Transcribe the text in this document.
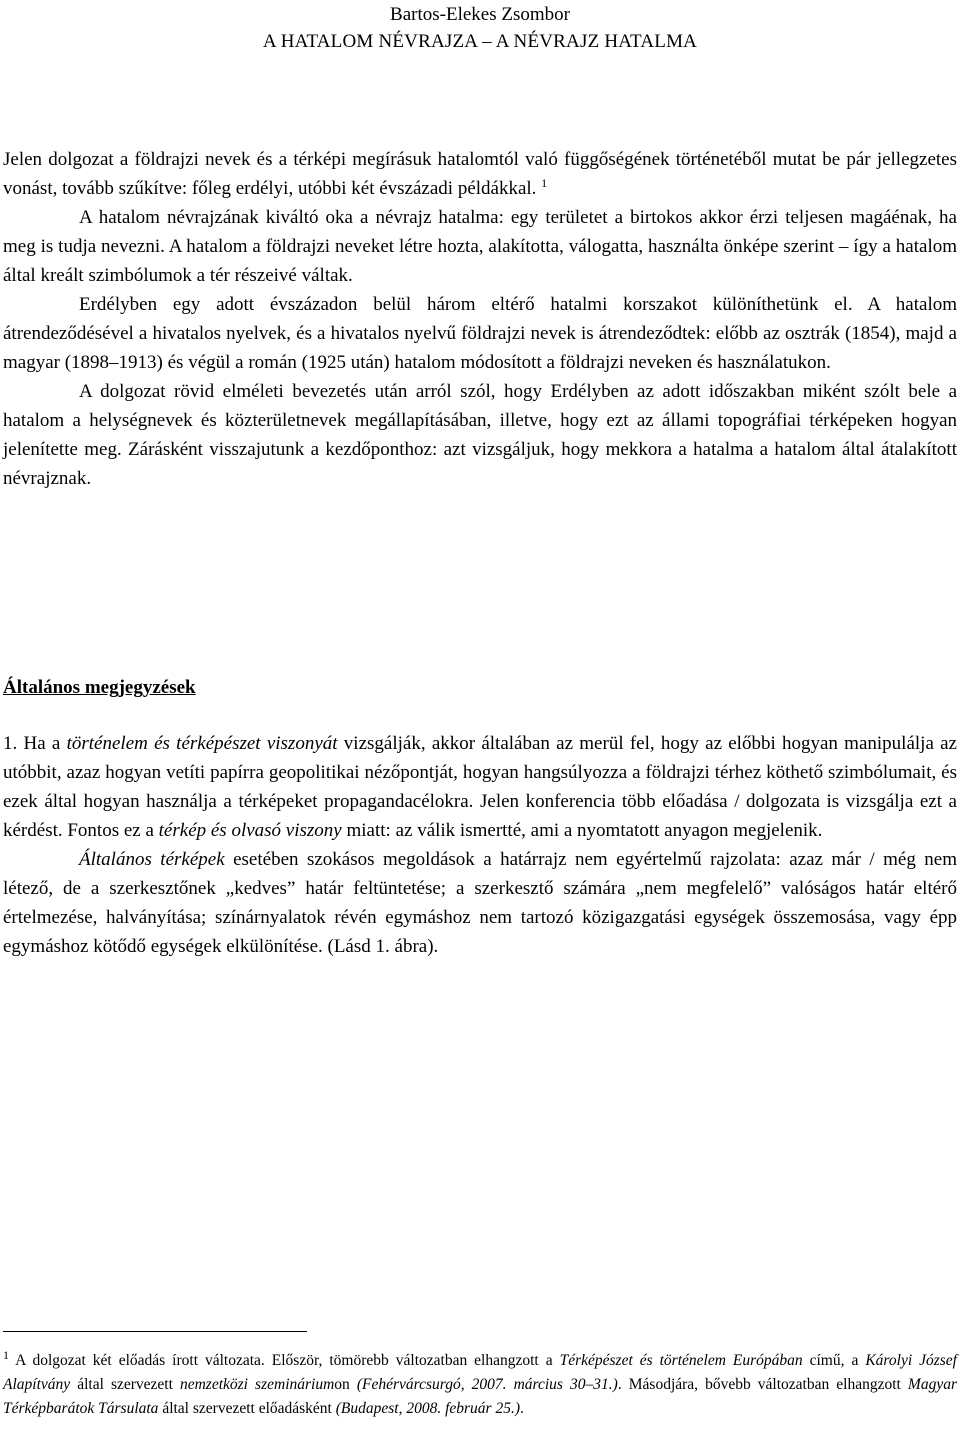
Bartos-Elekes Zsombor
A HATALOM NÉVRAJZA – A NÉVRAJZ HATALMA

Jelen dolgozat a földrajzi nevek és a térképi megírásuk hatalomtól való függőségének történetéből mutat be pár jellegzetes vonást, tovább szűkítve: főleg erdélyi, utóbbi két évszázadi példákkal. $^1$

A hatalom névrajzának kiváltó oka a névrajz hatalma: egy területet a birtokos akkor érzi teljesen magáénak, ha meg is tudja nevezni. A hatalom a földrajzi neveket létre hozta, alakította, válogatta, használta önképe szerint – így a hatalom által kreált szimbólumok a tér részeivé váltak.

Erdélyben egy adott évszázadon belül három eltérő hatalmi korszakot különíthetünk el. A hatalom átrendeződésével a hivatalos nyelvek, és a hivatalos nyelvű földrajzi nevek is átrendeződtek: előbb az osztrák (1854), majd a magyar (1898–1913) és végül a román (1925 után) hatalom módosított a földrajzi neveken és használatukon.

A dolgozat rövid elméleti bevezetés után arról szól, hogy Erdélyben az adott időszakban miként szólt bele a hatalom a helységnevek és közterületnevek megállapításában, illetve, hogy ezt az állami topográfiai térképeken hogyan jelenítette meg. Zárásként visszajutunk a kezdőponthoz: azt vizsgáljuk, hogy mekkora a hatalma a hatalom által átalakított névrajznak.

Általános megjegyzések

1. Ha a történelem és térképészet viszonyát vizsgálják, akkor általában az merül fel, hogy az előbbi hogyan manipulálja az utóbbit, azaz hogyan vetíti papírra geopolitikai nézőpontját, hogyan hangsúlyozza a földrajzi térhez köthető szimbólumait, és ezek által hogyan használja a térképeket propagandacélokra. Jelen konferencia több előadása / dolgozata is vizsgálja ezt a kérdést. Fontos ez a térkép és olvasó viszony miatt: az válik ismertté, ami a nyomtatott anyagon megjelenik.

Általános térképek esetében szokásos megoldások a határrajz nem egyértelmű rajzolata: azaz már / még nem létező, de a szerkesztőnek „kedves” határ feltüntetése; a szerkesztő számára „nem megfelelő” valóságos határ eltérő értelmezése, halványítása; színárnyalatok révén egymáshoz nem tartozó közigazgatási egységek összemosása, vagy épp egymáshoz kötődő egységek elkülönítése. (Lásd 1. ábra).

$^1$ A dolgozat két előadás írott változata. Először, tömörebb változatban elhangzott a Térképészet és történelem Európában című, a Károlyi József Alapítvány által szervezett nemzetközi szemináriumon (Fehérvárcsurgó, 2007. március 30–31.). Másodjára, bővebb változatban elhangzott Magyar Térképbarátok Társulata által szervezett előadásként (Budapest, 2008. február 25.).
